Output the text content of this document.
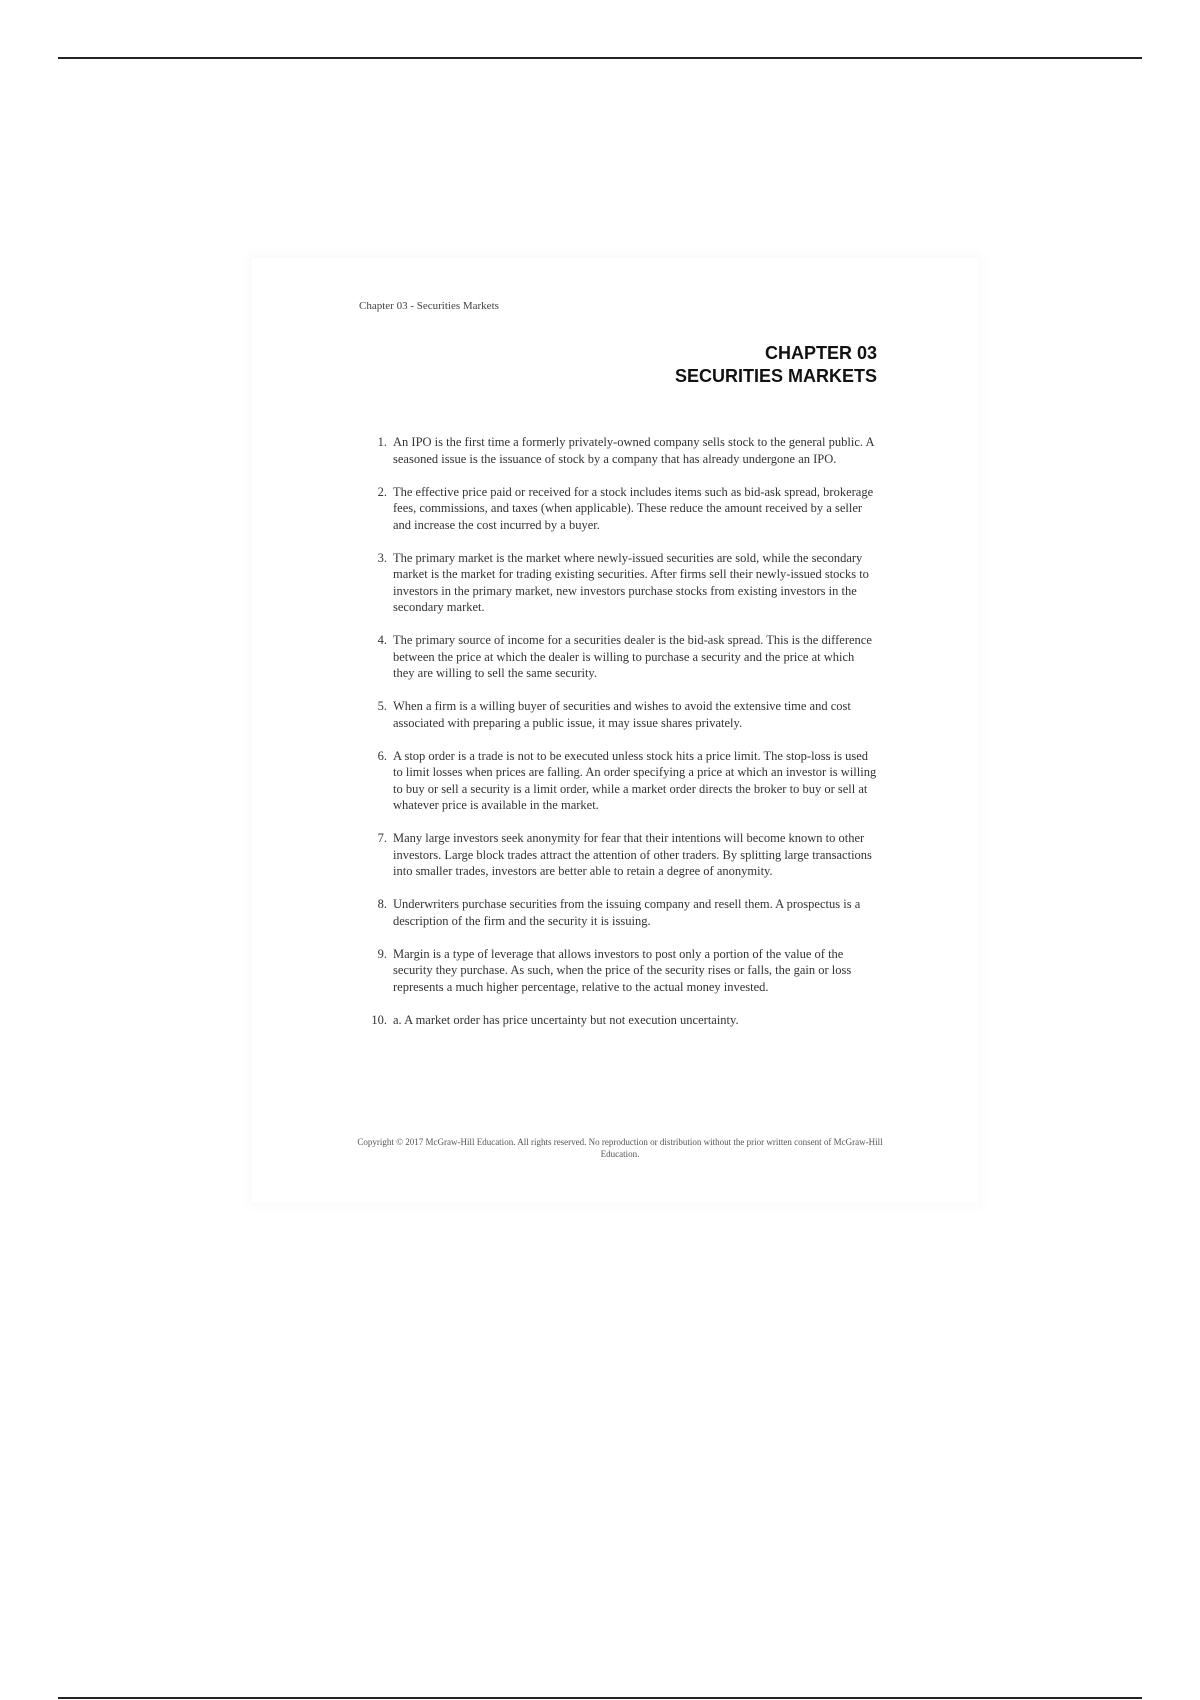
Chapter 03 - Securities Markets
CHAPTER 03
SECURITIES MARKETS
1 . An IPO is the first time a formerly privately-owned company sells stock to the general public. A seasoned issue is the issuance of stock by a company that has already undergone an IPO.
2 . The effective price paid or received for a stock includes items such as bid-ask spread, brokerage fees, commissions, and taxes (when applicable). These reduce the amount received by a seller and increase the cost incurred by a buyer.
3 . The primary market is the market where newly-issued securities are sold, while the secondary market is the market for trading existing securities. After firms sell their newly-issued stocks to investors in the primary market, new investors purchase stocks from existing investors in the secondary market.
4 . The primary source of income for a securities dealer is the bid-ask spread. This is the difference between the price at which the dealer is willing to purchase a security and the price at which they are willing to sell the same security.
5 . When a firm is a willing buyer of securities and wishes to avoid the extensive time and cost associated with preparing a public issue, it may issue shares privately.
6 . A stop order is a trade is not to be executed unless stock hits a price limit. The stop-loss is used to limit losses when prices are falling. An order specifying a price at which an investor is willing to buy or sell a security is a limit order, while a market order directs the broker to buy or sell at whatever price is available in the market.
7 . Many large investors seek anonymity for fear that their intentions will become known to other investors. Large block trades attract the attention of other traders. By splitting large transactions into smaller trades, investors are better able to retain a degree of anonymity.
8 . Underwriters purchase securities from the issuing company and resell them. A prospectus is a description of the firm and the security it is issuing.
9 . Margin is a type of leverage that allows investors to post only a portion of the value of the security they purchase. As such, when the price of the security rises or falls, the gain or loss represents a much higher percentage, relative to the actual money invested.
10 . a. A market order has price uncertainty but not execution uncertainty.
Copyright © 2017 McGraw-Hill Education. All rights reserved. No reproduction or distribution without the prior written consent of McGraw-Hill Education.
